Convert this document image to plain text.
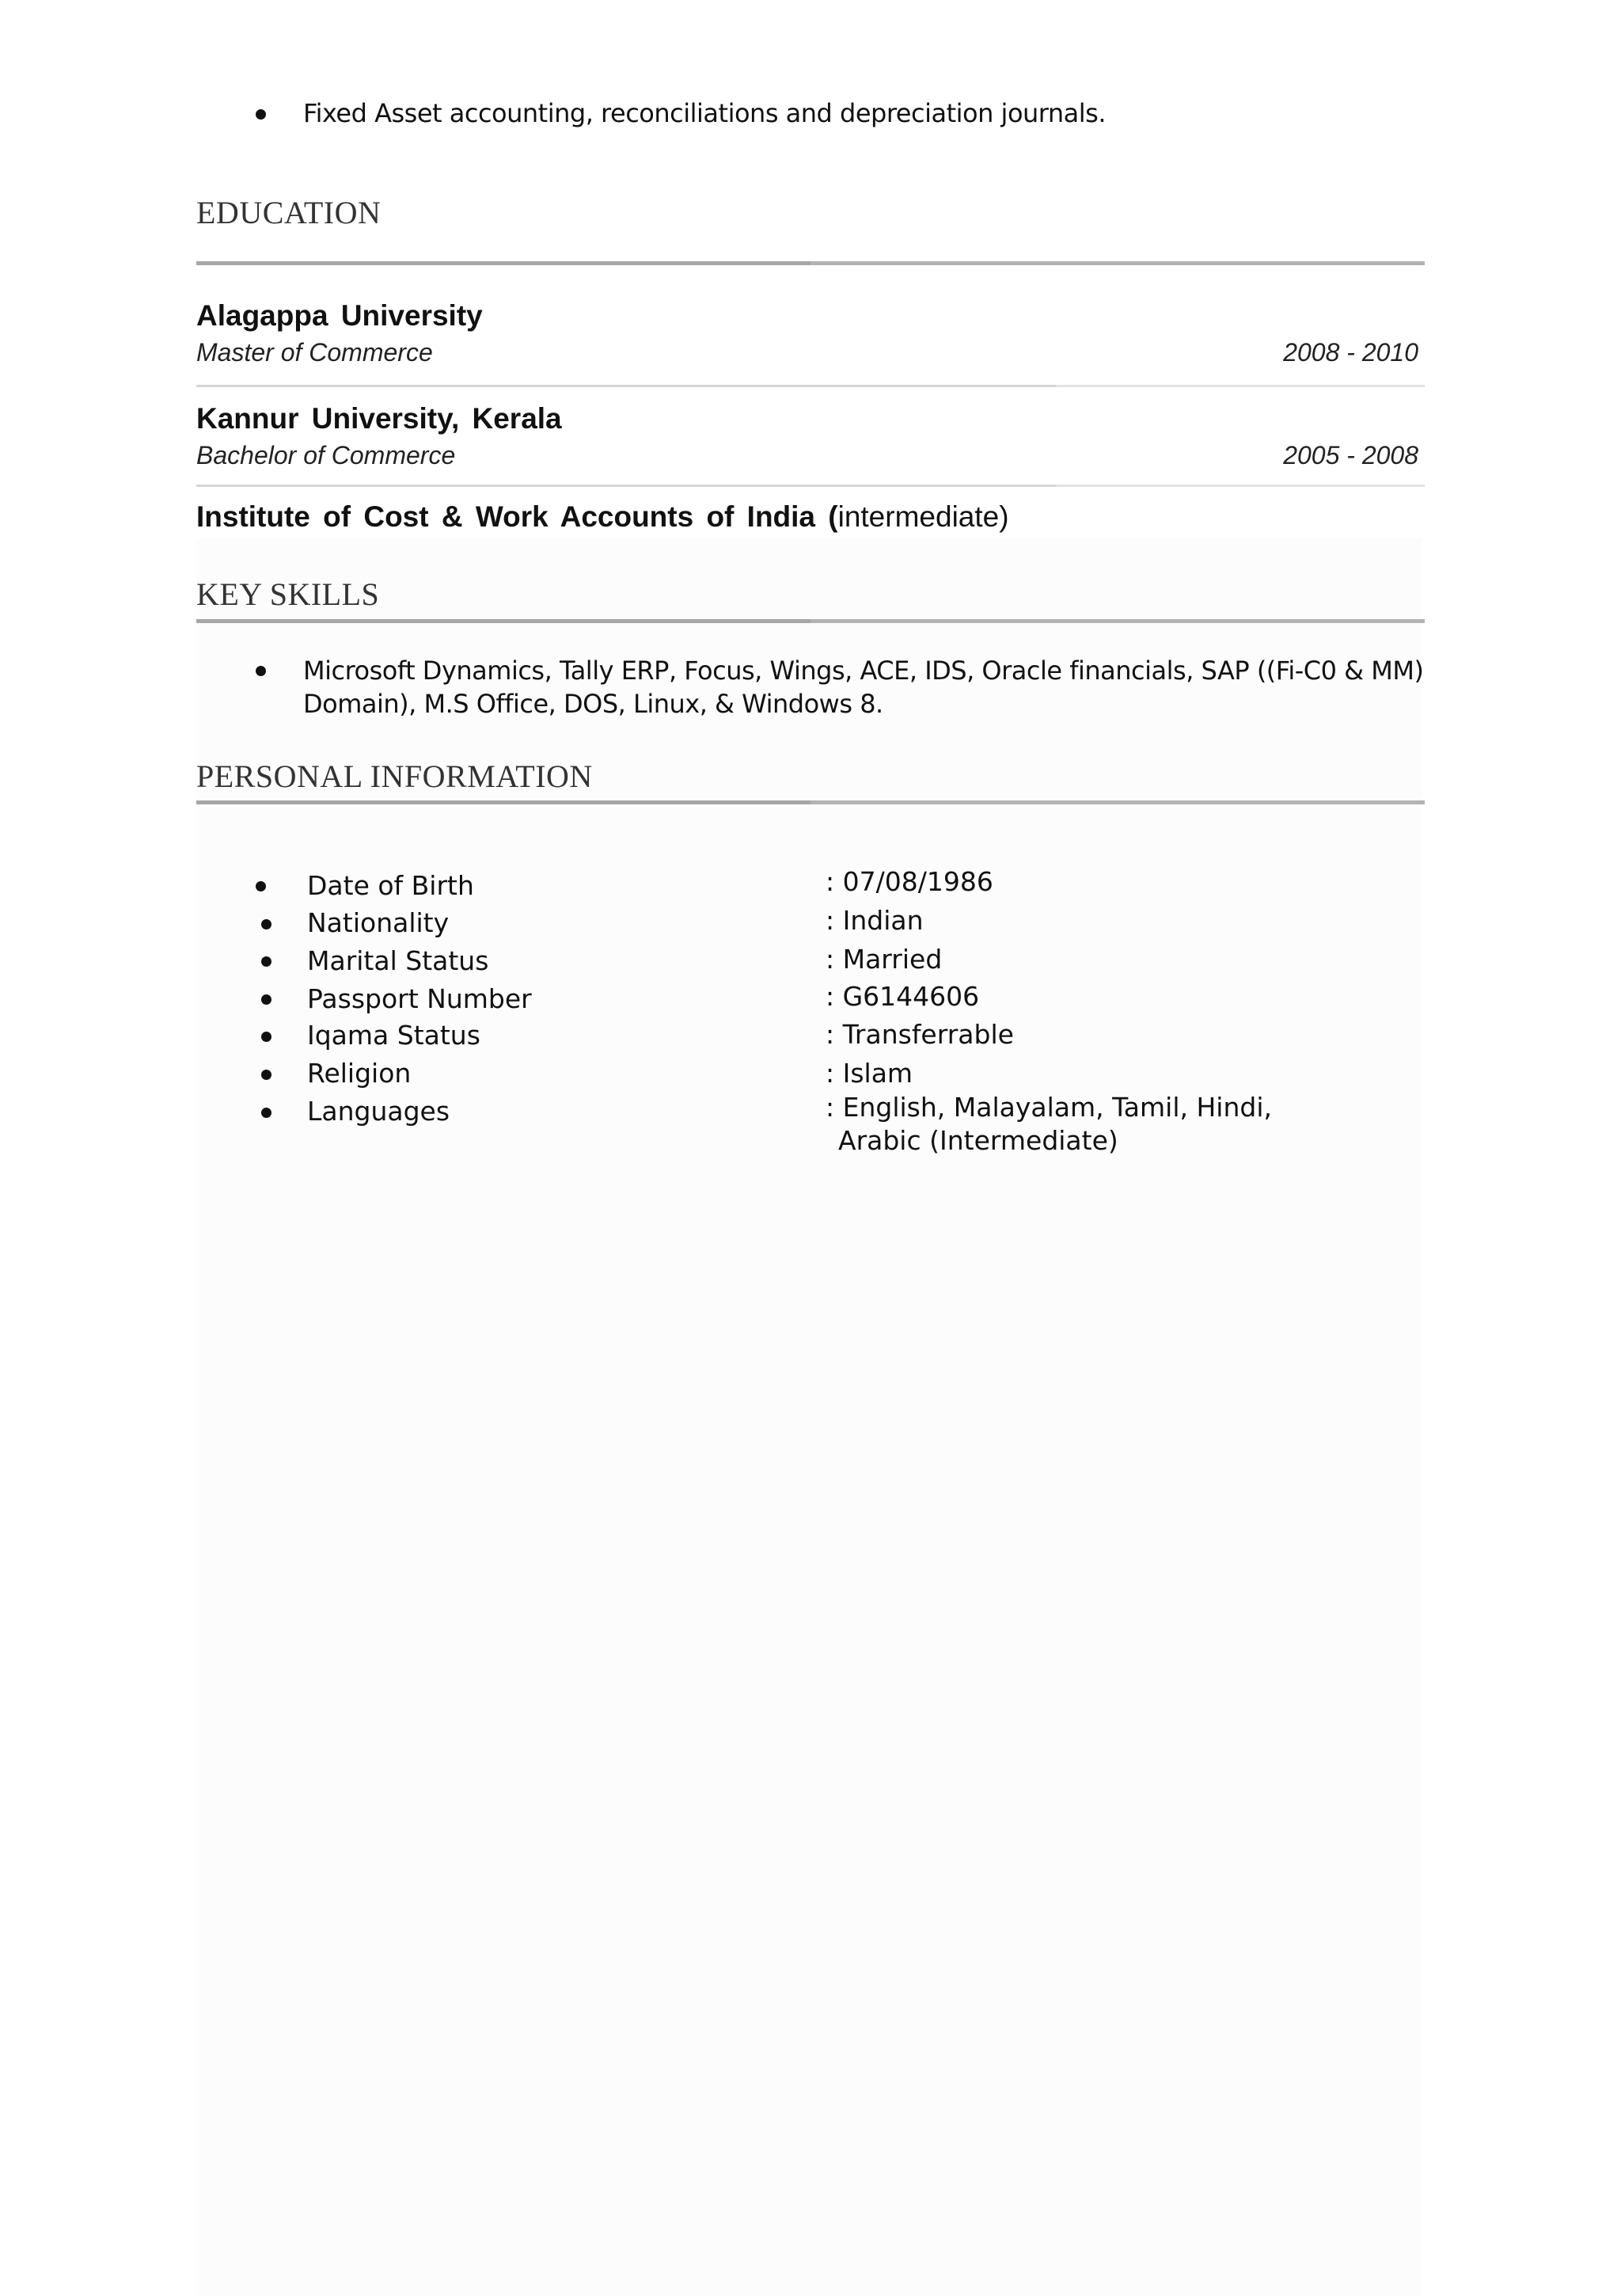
Fixed Asset accounting, reconciliations and depreciation journals.
EDUCATION
Alagappa University
Master of Commerce	2008 - 2010
Kannur University, Kerala
Bachelor of Commerce	2005 - 2008
Institute of Cost & Work Accounts of India (intermediate)
KEY SKILLS
Microsoft Dynamics, Tally ERP, Focus, Wings, ACE, IDS, Oracle financials, SAP ((Fi-C0 & MM)
Domain), M.S Office, DOS, Linux, & Windows 8.
PERSONAL INFORMATION
Date of Birth	: 07/08/1986
Nationality	: Indian
Marital Status	: Married
Passport Number	: G6144606
Iqama Status	: Transferrable
Religion	: Islam
Languages	: English, Malayalam, Tamil, Hindi,
Arabic (Intermediate)
